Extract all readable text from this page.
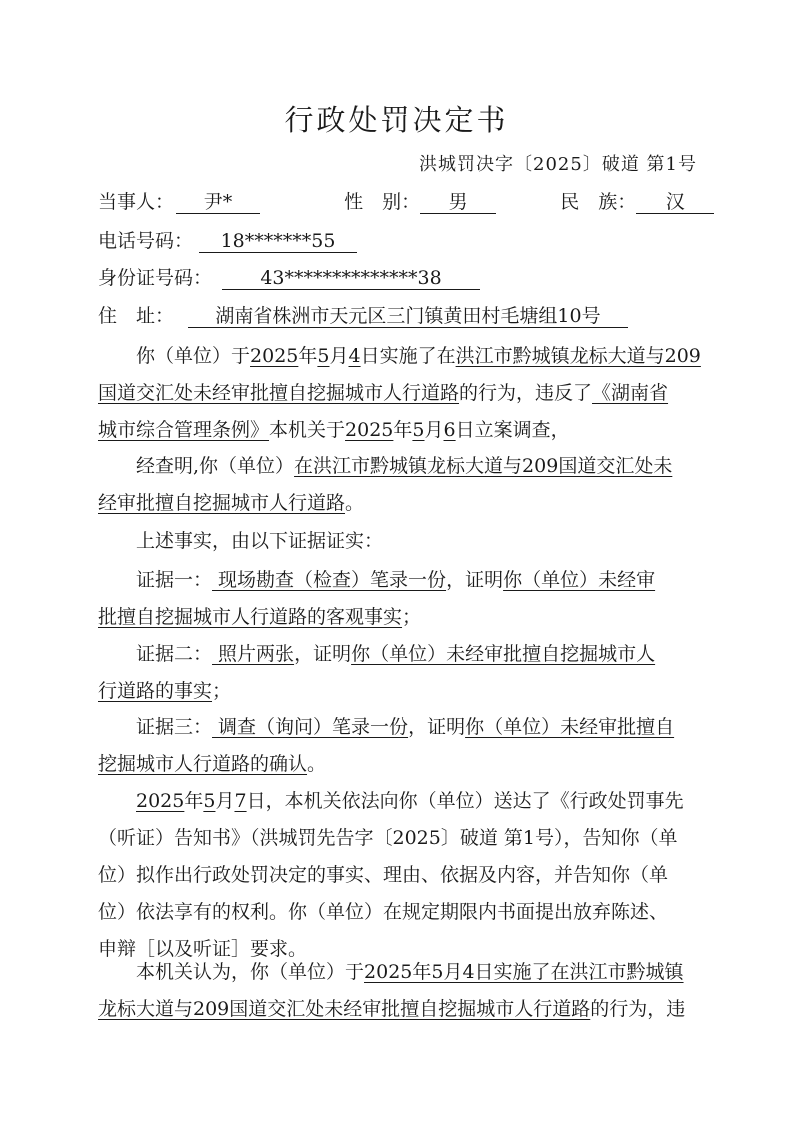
行政处罚决定书
洪城罚决字〔2025〕破道 第1号
当事人： 尹*	性　别： 男	民　族： 汉
电话号码： 18*******55
身份证号码：	43**************38
住　址： 湖南省株洲市天元区三门镇黄田村毛塘组10号
你（单位）于2025年5月4日实施了在洪江市黔城镇龙标大道与209
国道交汇处未经审批擅自挖掘城市人行道路的行为，违反了《湖南省
城市综合管理条例》本机关于2025年5月6日立案调查，
经查明,你（单位）在洪江市黔城镇龙标大道与209国道交汇处未
经审批擅自挖掘城市人行道路。
上述事实，由以下证据证实：
证据一： 现场勘查（检查）笔录一份，证明你（单位）未经审
批擅自挖掘城市人行道路的客观事实；
证据二： 照片两张，证明你（单位）未经审批擅自挖掘城市人
行道路的事实；
证据三： 调查（询问）笔录一份，证明你（单位）未经审批擅自
挖掘城市人行道路的确认。
2025年5月7日，本机关依法向你（单位）送达了《行政处罚事先
（听证）告知书》（洪城罚先告字〔2025〕破道 第1号），告知你（单
位）拟作出行政处罚决定的事实、理由、依据及内容，并告知你（单
位）依法享有的权利。你（单位）在规定期限内书面提出放弃陈述、
申辩［以及听证］要求。
本机关认为，你（单位）于2025年5月4日实施了在洪江市黔城镇
龙标大道与209国道交汇处未经审批擅自挖掘城市人行道路的行为，违
